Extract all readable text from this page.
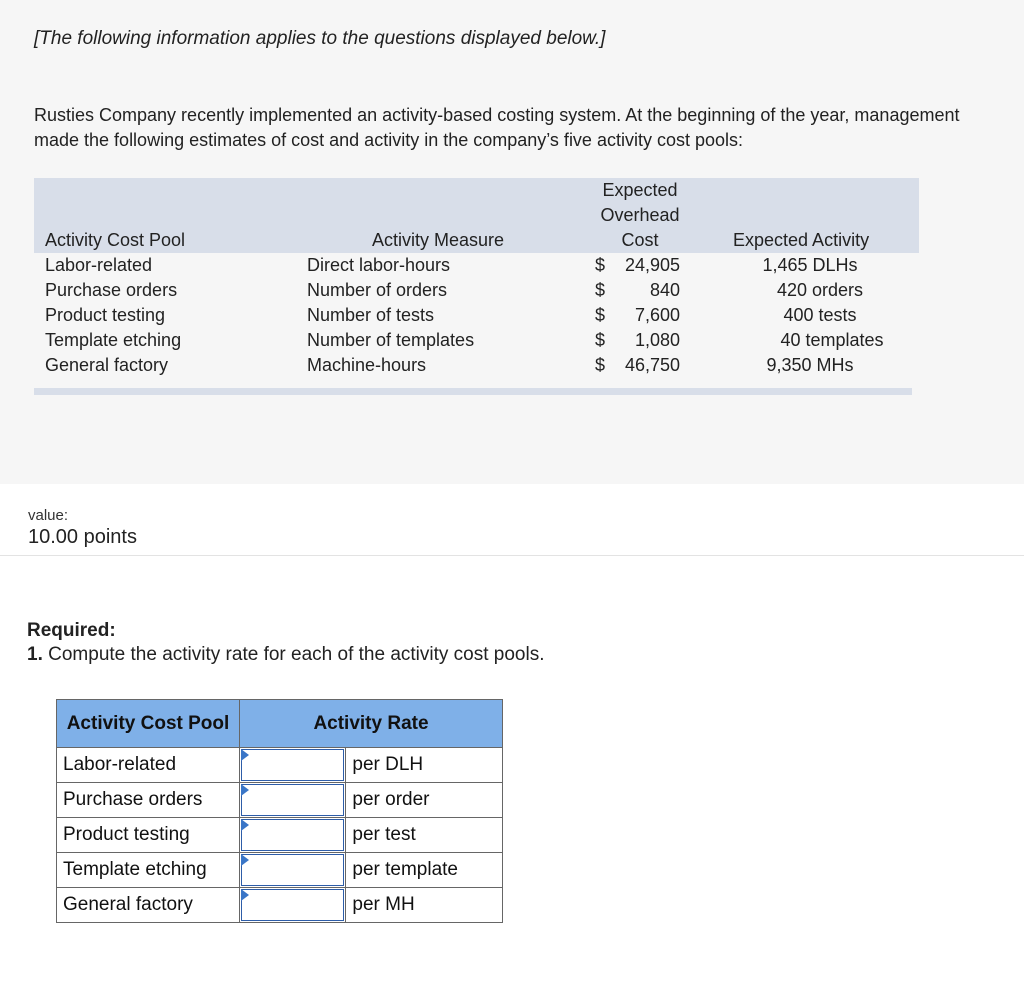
[The following information applies to the questions displayed below.]
Rusties Company recently implemented an activity-based costing system. At the beginning of the year, management made the following estimates of cost and activity in the company’s five activity cost pools:
Activity Cost Pool	Activity Measure
Expected
Overhead
Cost	Expected Activity
Labor-related	Direct labor-hours	$	24,905	1,465 DLHs
Purchase orders	Number of orders	$	840	420 orders
Product testing	Number of tests	$	7,600	400 tests
Template etching	Number of templates	$	1,080	40 templates
General factory	Machine-hours	$	46,750	9,350 MHs
value:
10.00 points
Required:
1. Compute the activity rate for each of the activity cost pools.
Activity Cost Pool	Activity Rate	
Labor-related		per DLH
Purchase orders		per order
Product testing		per test
Template etching		per template
General factory		per MH
